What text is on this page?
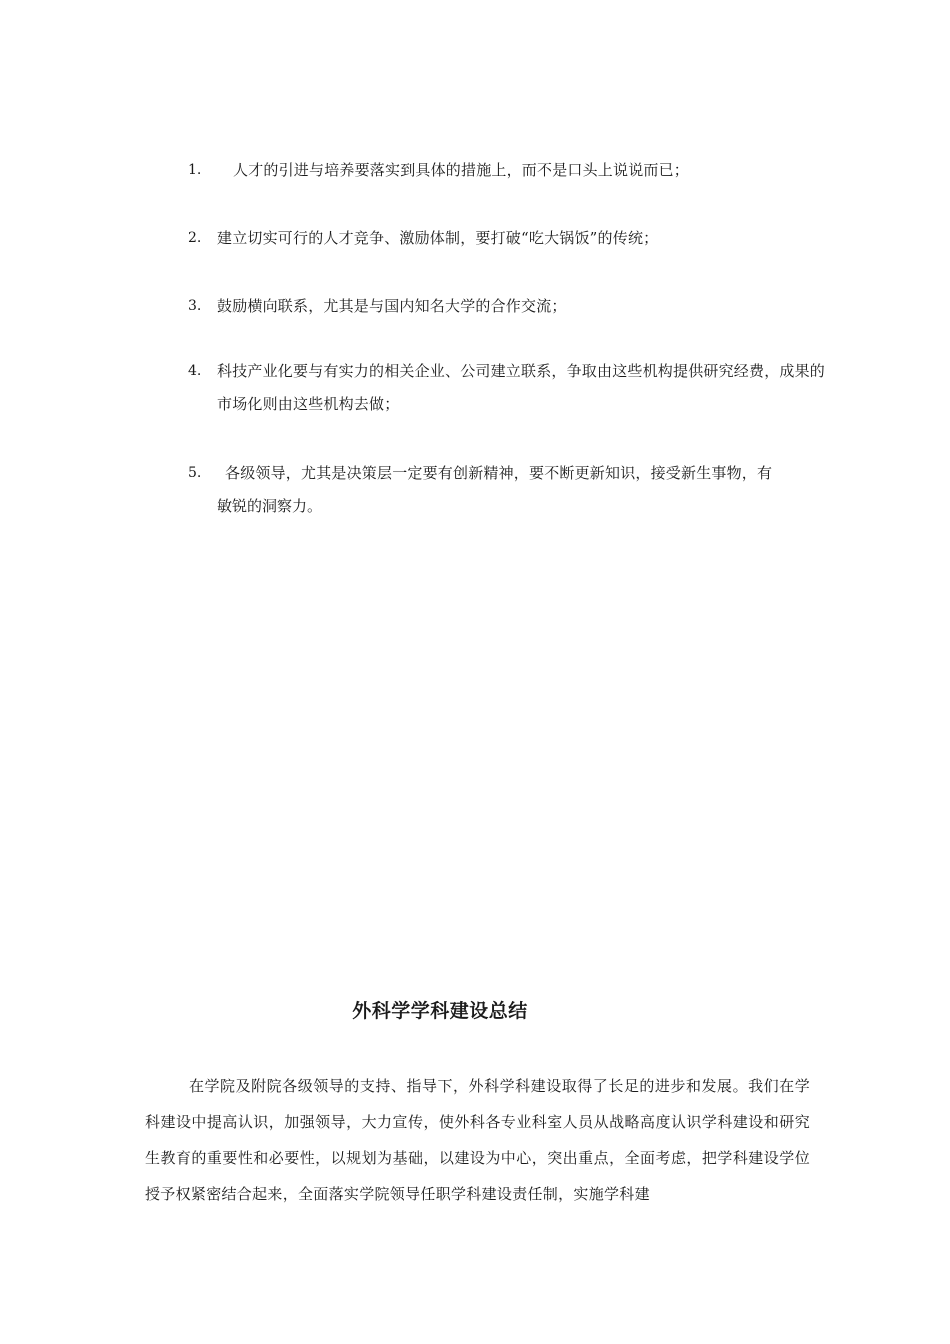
1.	人才的引进与培养要落实到具体的措施上，而不是口头上说说而已；
2.	建立切实可行的人才竞争、激励体制，要打破“吃大锅饭”的传统；
3.	鼓励横向联系，尤其是与国内知名大学的合作交流；
4.	科技产业化要与有实力的相关企业、公司建立联系，争取由这些机构提供研究经费，成果的市场化则由这些机构去做；
5.	各级领导，尤其是决策层一定要有创新精神，要不断更新知识，接受新生事物，有
敏锐的洞察力。
外科学学科建设总结
在学院及附院各级领导的支持、指导下，外科学科建设取得了长足的进步和发展。我们在学科建设中提高认识，加强领导，大力宣传，使外科各专业科室人员从战略高度认识学科建设和研究生教育的重要性和必要性，以规划为基础，以建设为中心，突出重点，全面考虑，把学科建设学位授予权紧密结合起来，全面落实学院领导任职学科建设责任制，实施学科建
